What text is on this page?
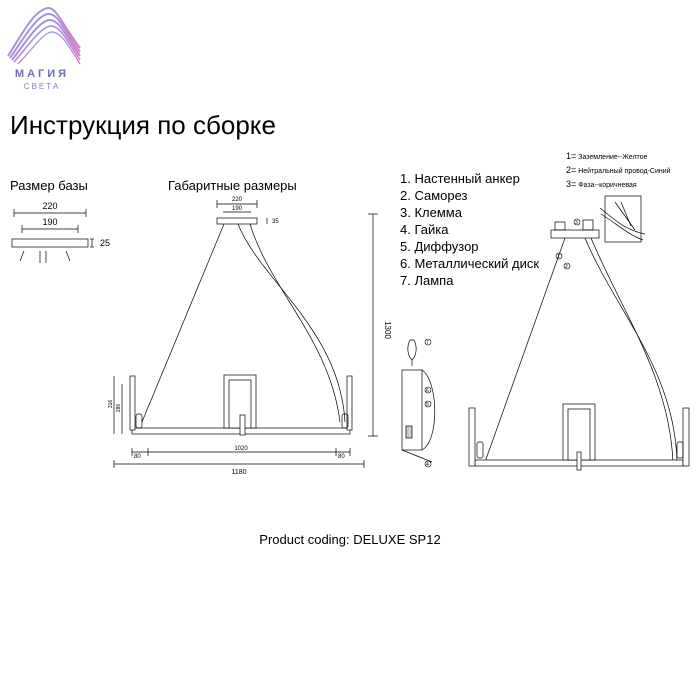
МАГИЯ
СВЕТА
Инструкция по сборке
Размер базы	Габаритные размеры
220
190
25
220
190
35
1300
316 286
80
1020
80
1180
7
6
5
4
1. Настенный анкер
2. Саморез
3. Клемма
4. Гайка
5. Диффузор
6. Металлический диск
7. Лампа
1= Заземление--Желтое
2= Нейтральный провод-Синий
3= Фаза--коричневая
1
2
3
Product coding: DELUXE SP12
